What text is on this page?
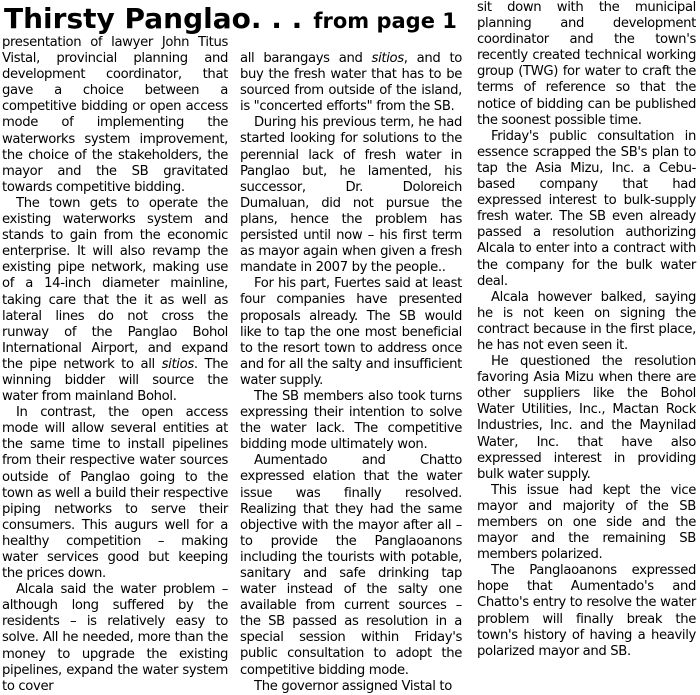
Thirsty Panglao. . . from page 1

presentation of lawyer John Titus Vistal, provincial planning and development coordinator, that gave a choice between a competitive bidding or open access mode of implementing the waterworks system improvement, the choice of the stakeholders, the mayor and the SB gravitated towards competitive bidding.

The town gets to operate the existing waterworks system and stands to gain from the economic enterprise. It will also revamp the existing pipe network, making use of a 14-inch diameter mainline, taking care that the it as well as lateral lines do not cross the runway of the Panglao Bohol International Airport, and expand the pipe network to all sitios. The winning bidder will source the water from mainland Bohol.

In contrast, the open access mode will allow several entities at the same time to install pipelines from their respective water sources outside of Panglao going to the town as well a build their respective piping networks to serve their consumers. This augurs well for a healthy competition – making water services good but keeping the prices down.

Alcala said the water problem – although long suffered by the residents – is relatively easy to solve. All he needed, more than the money to upgrade the existing pipelines, expand the water system to cover

all barangays and sitios, and to buy the fresh water that has to be sourced from outside of the island, is "concerted efforts" from the SB.

During his previous term, he had started looking for solutions to the perennial lack of fresh water in Panglao but, he lamented, his successor, Dr. Doloreich Dumaluan, did not pursue the plans, hence the problem has persisted until now – his first term as mayor again when given a fresh mandate in 2007 by the people..

For his part, Fuertes said at least four companies have presented proposals already. The SB would like to tap the one most beneficial to the resort town to address once and for all the salty and insufficient water supply.

The SB members also took turns expressing their intention to solve the water lack. The competitive bidding mode ultimately won.

Aumentado and Chatto expressed elation that the water issue was finally resolved. Realizing that they had the same objective with the mayor after all – to provide the Panglaoanons including the tourists with potable, sanitary and safe drinking tap water instead of the salty one available from current sources – the SB passed as resolution in a special session within Friday's public consultation to adopt the competitive bidding mode.

The governor assigned Vistal to

sit down with the municipal planning and development coordinator and the town's recently created technical working group (TWG) for water to craft the terms of reference so that the notice of bidding can be published the soonest possible time.

Friday's public consultation in essence scrapped the SB's plan to tap the Asia Mizu, Inc. a Cebu-based company that had expressed interest to bulk-supply fresh water. The SB even already passed a resolution authorizing Alcala to enter into a contract with the company for the bulk water deal.

Alcala however balked, saying he is not keen on signing the contract because in the first place, he has not even seen it.

He questioned the resolution favoring Asia Mizu when there are other suppliers like the Bohol Water Utilities, Inc., Mactan Rock Industries, Inc. and the Maynilad Water, Inc. that have also expressed interest in providing bulk water supply.

This issue had kept the vice mayor and majority of the SB members on one side and the mayor and the remaining SB members polarized.

The Panglaoanons expressed hope that Aumentado's and Chatto's entry to resolve the water problem will finally break the town's history of having a heavily polarized mayor and SB.
